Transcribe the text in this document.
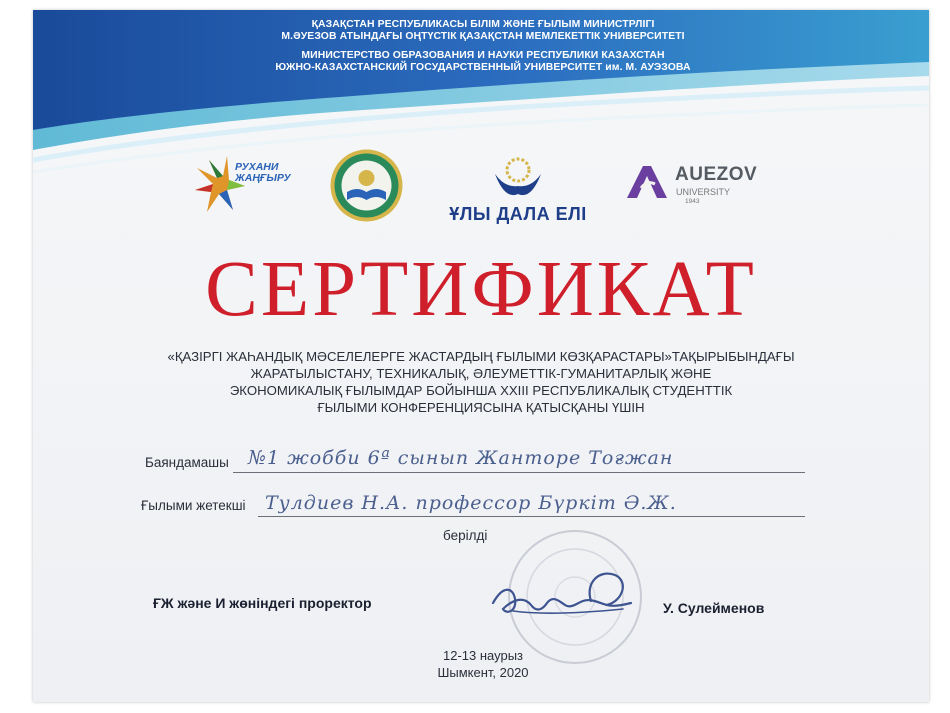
ҚАЗАҚСТАН РЕСПУБЛИКАСЫ БІЛІМ ЖӘНЕ ҒЫЛЫМ МИНИСТРЛІГІ
М.ӘУЕЗОВ АТЫНДАҒЫ ОҢТҮСТІК ҚАЗАҚСТАН МЕМЛЕКЕТТІК УНИВЕРСИТЕТІ
МИНИСТЕРСТВО ОБРАЗОВАНИЯ И НАУКИ РЕСПУБЛИКИ КАЗАХСТАН
ЮЖНО-КАЗАХСТАНСКИЙ ГОСУДАРСТВЕННЫЙ УНИВЕРСИТЕТ им. М. АУЭЗОВА
РУХАНИ
ЖАҢҒЫРУ
ҰЛЫ ДАЛА ЕЛІ
AUEZOV
UNIVERSITY
1943
СЕРТИФИКАТ
«ҚАЗІРГІ ЖАҺАНДЫҚ МӘСЕЛЕЛЕРГЕ ЖАСТАРДЫҢ ҒЫЛЫМИ КӨЗҚАРАСТАРЫ»ТАҚЫРЫБЫНДАҒЫ
ЖАРАТЫЛЫСТАНУ, ТЕХНИКАЛЫҚ, ӘЛЕУМЕТТІК-ГУМАНИТАРЛЫҚ ЖӘНЕ
ЭКОНОМИКАЛЫҚ ҒЫЛЫМДАР БОЙЫНША XXIII РЕСПУБЛИКАЛЫҚ СТУДЕНТТІК
ҒЫЛЫМИ КОНФЕРЕНЦИЯСЫНА ҚАТЫСҚАНЫ ҮШІН
Баяндамашы №1 жобби 6ª сынып Жанторе Тоғжан
Ғылыми жетекші Тулдиев Н.А. профессор Бүркіт Ә.Ж.
берілді
ҒЖ және И жөніндегі проректор	У. Сулейменов
12-13 наурыз
Шымкент, 2020
